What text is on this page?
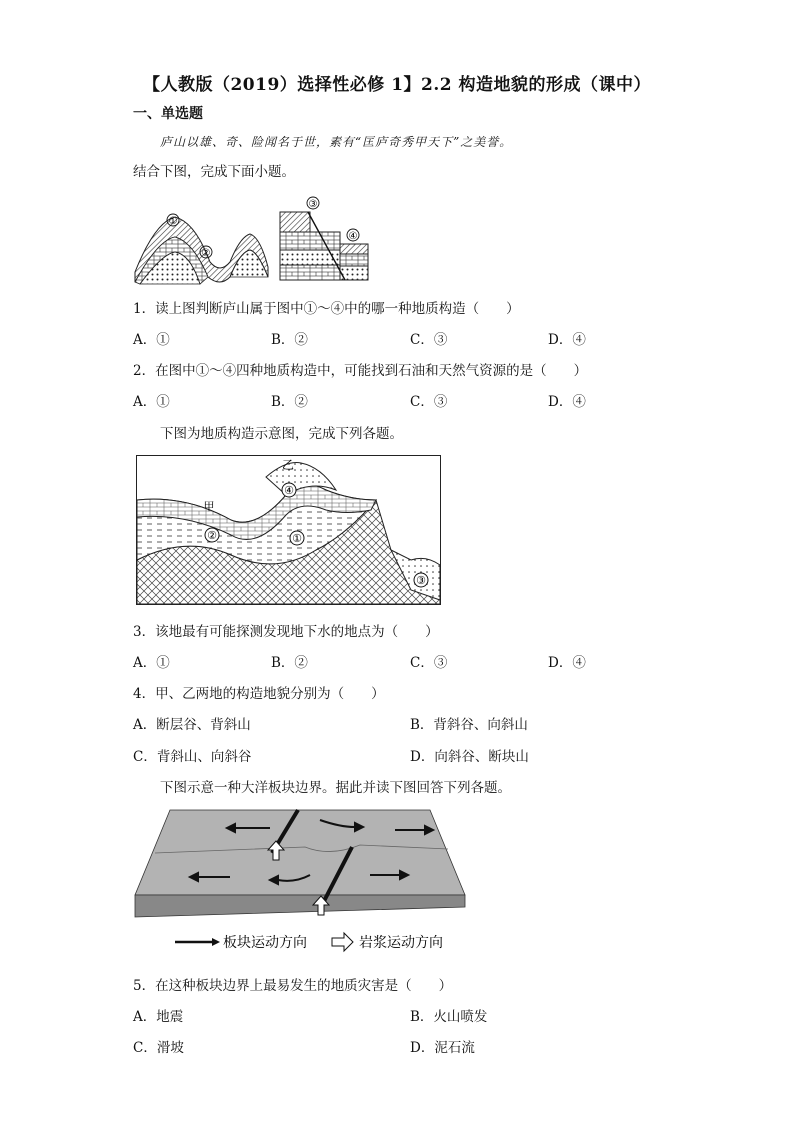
【人教版（2019）选择性必修 1】2.2 构造地貌的形成（课中）
一、单选题
庐山以雄、奇、险闻名于世，素有“匡庐奇秀甲天下”之美誉。
结合下图，完成下面小题。
①
②
③
④
1．读上图判断庐山属于图中①～④中的哪一种地质构造（　　）
A．①	B．②	C．③	D．④
2．在图中①～④四种地质构造中，可能找到石油和天然气资源的是（　　）
A．①	B．②	C．③	D．④
下图为地质构造示意图，完成下列各题。
乙
甲
④
②	①
③
3．该地最有可能探测发现地下水的地点为（　　）
A．①	B．②	C．③	D．④
4．甲、乙两地的构造地貌分别为（　　）
A．断层谷、背斜山	B．背斜谷、向斜山
C．背斜山、向斜谷	D．向斜谷、断块山
下图示意一种大洋板块边界。据此并读下图回答下列各题。
板块运动方向	岩浆运动方向
5．在这种板块边界上最易发生的地质灾害是（　　）
A．地震	B．火山喷发
C．滑坡	D．泥石流
